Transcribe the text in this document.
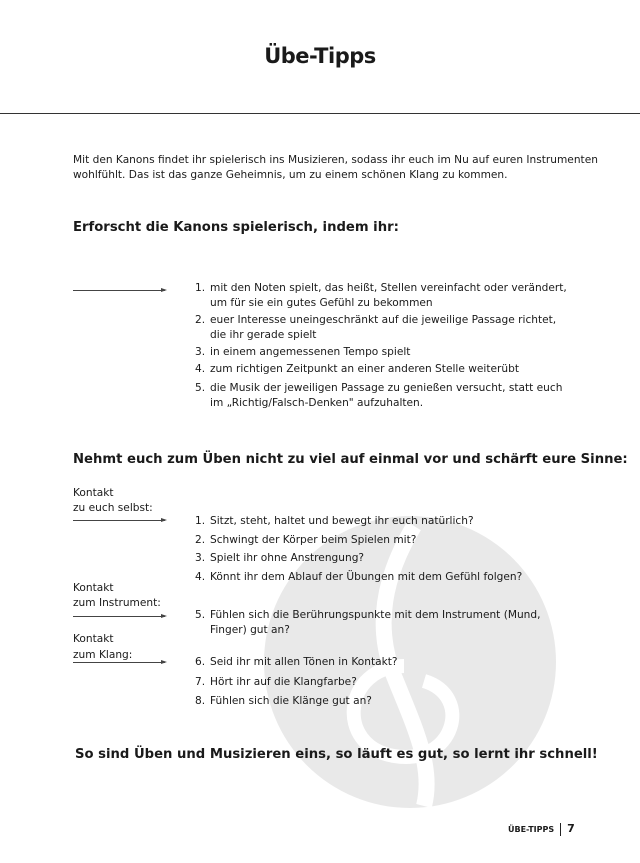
Übe-Tipps
Mit den Kanons findet ihr spielerisch ins Musizieren, sodass ihr euch im Nu auf euren Instrumenten
wohlfühlt. Das ist das ganze Geheimnis, um zu einem schönen Klang zu kommen.
Erforscht die Kanons spielerisch, indem ihr:
1. mit den Noten spielt, das heißt, Stellen vereinfacht oder verändert,
um für sie ein gutes Gefühl zu bekommen
2. euer Interesse uneingeschränkt auf die jeweilige Passage richtet,
die ihr gerade spielt
3. in einem angemessenen Tempo spielt
4. zum richtigen Zeitpunkt an einer anderen Stelle weiterübt
5. die Musik der jeweiligen Passage zu genießen versucht, statt euch
im „Richtig/Falsch-Denken" aufzuhalten.
Nehmt euch zum Üben nicht zu viel auf einmal vor und schärft eure Sinne:
Kontakt
zu euch selbst:
Kontakt
zum Instrument:
Kontakt
zum Klang:
1. Sitzt, steht, haltet und bewegt ihr euch natürlich?
2. Schwingt der Körper beim Spielen mit?
3. Spielt ihr ohne Anstrengung?
4. Könnt ihr dem Ablauf der Übungen mit dem Gefühl folgen?
5. Fühlen sich die Berührungspunkte mit dem Instrument (Mund,
Finger) gut an?
6. Seid ihr mit allen Tönen in Kontakt?
7. Hört ihr auf die Klangfarbe?
8. Fühlen sich die Klänge gut an?
So sind Üben und Musizieren eins, so läuft es gut, so lernt ihr schnell!
ÜBE-TIPPS 7
